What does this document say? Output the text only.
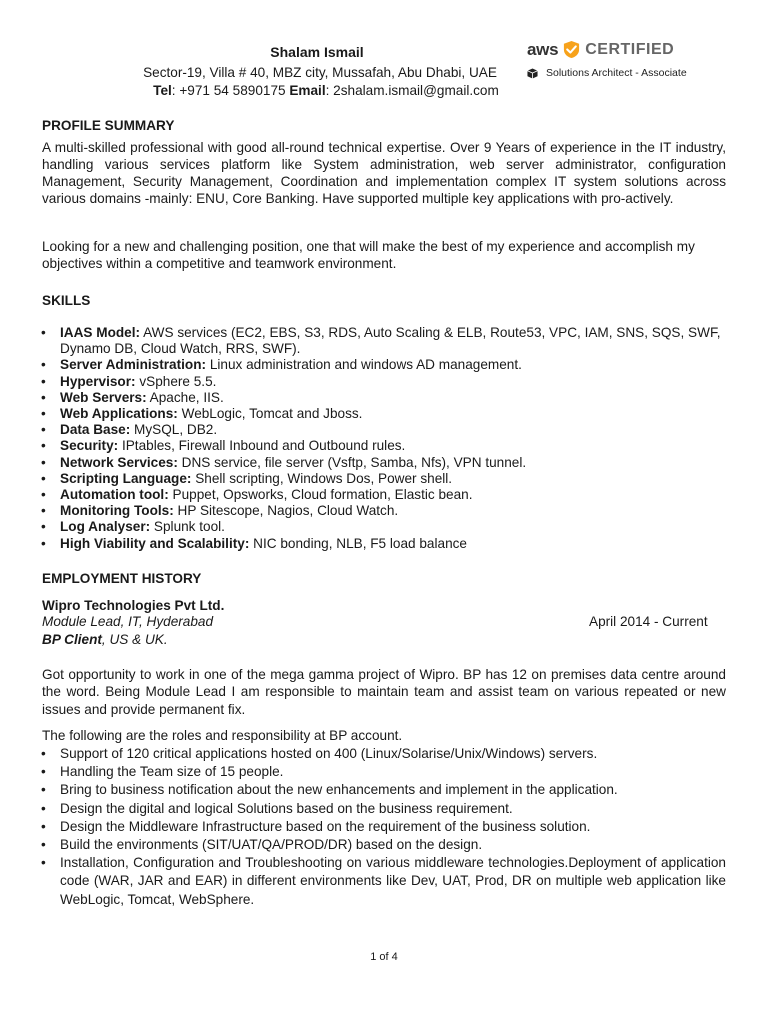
Shalam Ismail
Sector-19, Villa # 40, MBZ city, Mussafah, Abu Dhabi, UAE
Tel: +971 54 5890175 Email: 2shalam.ismail@gmail.com
aws CERTIFIED
Solutions Architect - Associate
PROFILE SUMMARY
A multi-skilled professional with good all-round technical expertise. Over 9 Years of experience in the IT industry, handling various services platform like System administration, web server administrator, configuration Management, Security Management, Coordination and implementation complex IT system solutions across various domains -mainly: ENU, Core Banking. Have supported multiple key applications with pro-actively.
Looking for a new and challenging position, one that will make the best of my experience and accomplish my objectives within a competitive and teamwork environment.
SKILLS
• IAAS Model: AWS services (EC2, EBS, S3, RDS, Auto Scaling & ELB, Route53, VPC, IAM, SNS, SQS, SWF, Dynamo DB, Cloud Watch, RRS, SWF).
• Server Administration: Linux administration and windows AD management.
• Hypervisor: vSphere 5.5.
• Web Servers: Apache, IIS.
• Web Applications: WebLogic, Tomcat and Jboss.
• Data Base: MySQL, DB2.
• Security: IPtables, Firewall Inbound and Outbound rules.
• Network Services: DNS service, file server (Vsftp, Samba, Nfs), VPN tunnel.
• Scripting Language: Shell scripting, Windows Dos, Power shell.
• Automation tool: Puppet, Opsworks, Cloud formation, Elastic bean.
• Monitoring Tools: HP Sitescope, Nagios, Cloud Watch.
• Log Analyser: Splunk tool.
• High Viability and Scalability: NIC bonding, NLB, F5 load balance
EMPLOYMENT HISTORY
Wipro Technologies Pvt Ltd.
Module Lead, IT, Hyderabad	April 2014 - Current
BP Client, US & UK.
Got opportunity to work in one of the mega gamma project of Wipro. BP has 12 on premises data centre around the word. Being Module Lead I am responsible to maintain team and assist team on various repeated or new issues and provide permanent fix.
The following are the roles and responsibility at BP account.
• Support of 120 critical applications hosted on 400 (Linux/Solarise/Unix/Windows) servers.
• Handling the Team size of 15 people.
• Bring to business notification about the new enhancements and implement in the application.
• Design the digital and logical Solutions based on the business requirement.
• Design the Middleware Infrastructure based on the requirement of the business solution.
• Build the environments (SIT/UAT/QA/PROD/DR) based on the design.
• Installation, Configuration and Troubleshooting on various middleware technologies.Deployment of application code (WAR, JAR and EAR) in different environments like Dev, UAT, Prod, DR on multiple web application like WebLogic, Tomcat, WebSphere.
1 of 4
